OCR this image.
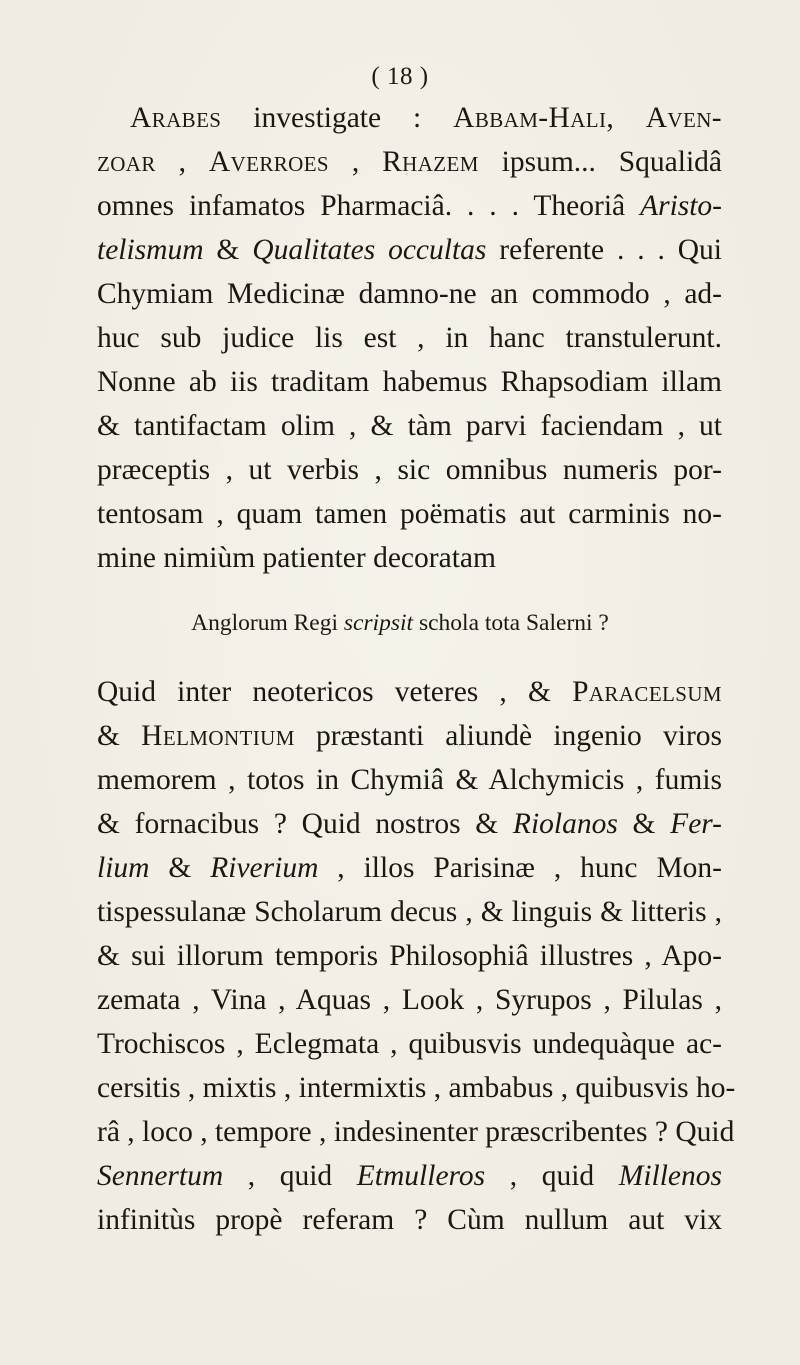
( 18 )
Arabes investigate : Abbam-Hali, Aven-
zoar , Averroes , Rhazem ipsum... Squalidâ
omnes infamatos Pharmaciâ. . . . Theoriâ Aristo-
telismum & Qualitates occultas referente . . . Qui
Chymiam Medicinæ damno-ne an commodo , ad-
huc sub judice lis est , in hanc transtulerunt.
Nonne ab iis traditam habemus Rhapsodiam illam
& tantifactam olim , & tàm parvi faciendam , ut
præceptis , ut verbis , sic omnibus numeris por-
tentosam , quam tamen poëmatis aut carminis no-
mine nimiùm patienter decoratam
Anglorum Regi scripsit schola tota Salerni ?
Quid inter neotericos veteres , & Paracelsum
& Helmontium præstanti aliundè ingenio viros
memorem , totos in Chymiâ & Alchymicis , fumis
& fornacibus ? Quid nostros & Riolanos & Fer-
lium & Riverium , illos Parisinæ , hunc Mon-
tispessulanæ Scholarum decus , & linguis & litteris ,
& sui illorum temporis Philosophiâ illustres , Apo-
zemata , Vina , Aquas , Look , Syrupos , Pilulas ,
Trochiscos , Eclegmata , quibusvis undequàque ac-
cersitis , mixtis , intermixtis , ambabus , quibusvis ho-
râ , loco , tempore , indesinenter præscribentes ? Quid
Sennertum , quid Etmulleros , quid Millenos
infinitùs propè referam ? Cùm nullum aut vix
